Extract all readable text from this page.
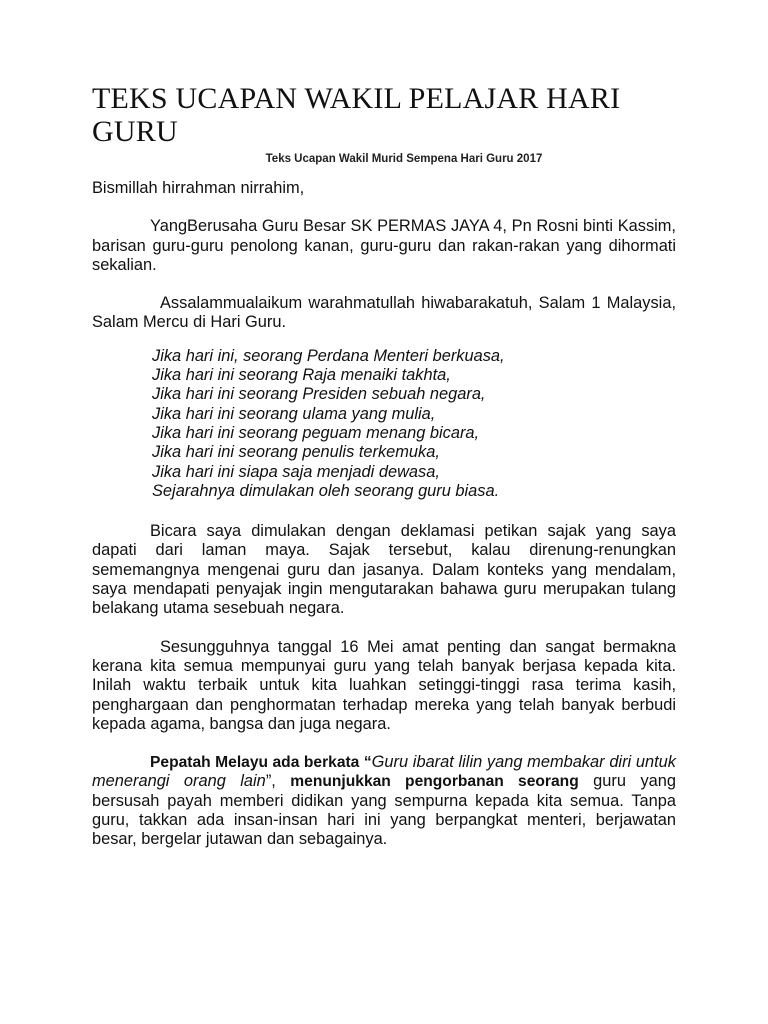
TEKS UCAPAN WAKIL PELAJAR HARI GURU
Teks Ucapan Wakil Murid Sempena Hari Guru 2017

Bismillah hirrahman nirrahim,

YangBerusaha Guru Besar SK PERMAS JAYA 4, Pn Rosni binti Kassim, barisan guru-guru penolong kanan, guru-guru dan rakan-rakan yang dihormati sekalian.

Assalammualaikum warahmatullah hiwabarakatuh, Salam 1 Malaysia, Salam Mercu di Hari Guru.

Jika hari ini, seorang Perdana Menteri berkuasa,
Jika hari ini seorang Raja menaiki takhta,
Jika hari ini seorang Presiden sebuah negara,
Jika hari ini seorang ulama yang mulia,
Jika hari ini seorang peguam menang bicara,
Jika hari ini seorang penulis terkemuka,
Jika hari ini siapa saja menjadi dewasa,
Sejarahnya dimulakan oleh seorang guru biasa.

Bicara saya dimulakan dengan deklamasi petikan sajak yang saya dapati dari laman maya. Sajak tersebut, kalau direnung-renungkan sememangnya mengenai guru dan jasanya. Dalam konteks yang mendalam, saya mendapati penyajak ingin mengutarakan bahawa guru merupakan tulang belakang utama sesebuah negara.

Sesungguhnya tanggal 16 Mei amat penting dan sangat bermakna kerana kita semua mempunyai guru yang telah banyak berjasa kepada kita. Inilah waktu terbaik untuk kita luahkan setinggi-tinggi rasa terima kasih, penghargaan dan penghormatan terhadap mereka yang telah banyak berbudi kepada agama, bangsa dan juga negara.

Pepatah Melayu ada berkata “Guru ibarat lilin yang membakar diri untuk menerangi orang lain”, menunjukkan pengorbanan seorang guru yang bersusah payah memberi didikan yang sempurna kepada kita semua. Tanpa guru, takkan ada insan-insan hari ini yang berpangkat menteri, berjawatan besar, bergelar jutawan dan sebagainya.
